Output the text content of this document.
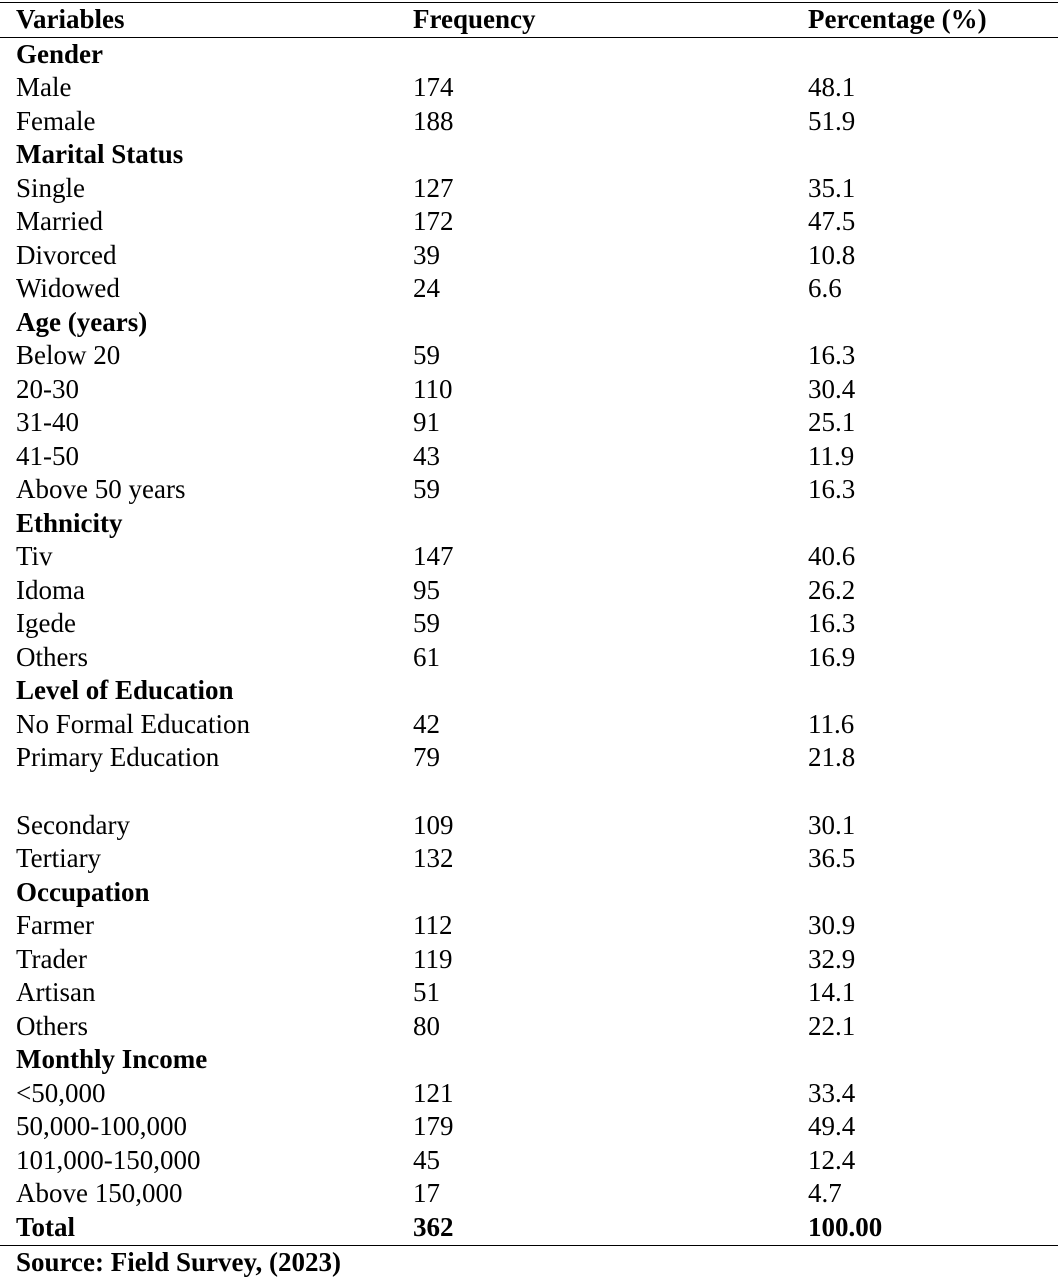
Variables	Frequency	Percentage (%)
Gender
Male	174	48.1
Female	188	51.9
Marital Status
Single	127	35.1
Married	172	47.5
Divorced	39	10.8
Widowed	24	6.6
Age (years)
Below 20	59	16.3
20-30	110	30.4
31-40	91	25.1
41-50	43	11.9
Above 50 years	59	16.3
Ethnicity
Tiv	147	40.6
Idoma	95	26.2
Igede	59	16.3
Others	61	16.9
Level of Education
No Formal Education	42	11.6
Primary Education	79	21.8
Secondary	109	30.1
Tertiary	132	36.5
Occupation
Farmer	112	30.9
Trader	119	32.9
Artisan	51	14.1
Others	80	22.1
Monthly Income
<50,000	121	33.4
50,000-100,000	179	49.4
101,000-150,000	45	12.4
Above 150,000	17	4.7
Total	362	100.00
Source: Field Survey, (2023)
